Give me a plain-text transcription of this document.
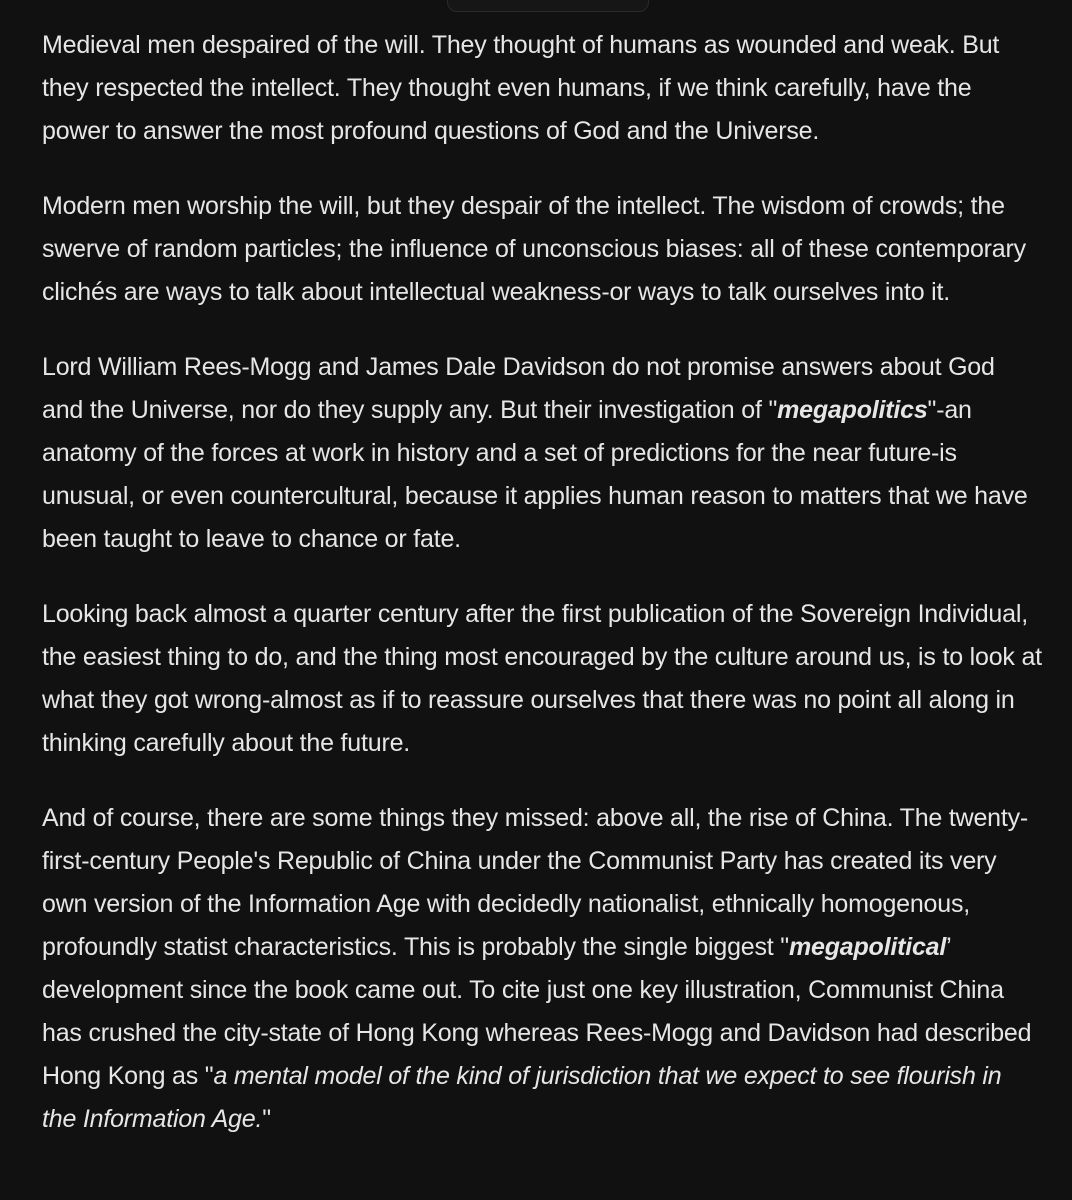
Medieval men despaired of the will. They thought of humans as wounded and weak. But they respected the intellect. They thought even humans, if we think carefully, have the power to answer the most profound questions of God and the Universe.

Modern men worship the will, but they despair of the intellect. The wisdom of crowds; the swerve of random particles; the influence of unconscious biases: all of these contemporary clichés are ways to talk about intellectual weakness-or ways to talk ourselves into it.

Lord William Rees-Mogg and James Dale Davidson do not promise answers about God and the Universe, nor do they supply any. But their investigation of "megapolitics"-an anatomy of the forces at work in history and a set of predictions for the near future-is unusual, or even countercultural, because it applies human reason to matters that we have been taught to leave to chance or fate.

Looking back almost a quarter century after the first publication of the Sovereign Individual, the easiest thing to do, and the thing most encouraged by the culture around us, is to look at what they got wrong-almost as if to reassure ourselves that there was no point all along in thinking carefully about the future.

And of course, there are some things they missed: above all, the rise of China. The twenty-first-century People's Republic of China under the Communist Party has created its very own version of the Information Age with decidedly nationalist, ethnically homogenous, profoundly statist characteristics. This is probably the single biggest "megapolitical’ development since the book came out. To cite just one key illustration, Communist China has crushed the city-state of Hong Kong whereas Rees-Mogg and Davidson had described Hong Kong as "a mental model of the kind of jurisdiction that we expect to see flourish in the Information Age."
